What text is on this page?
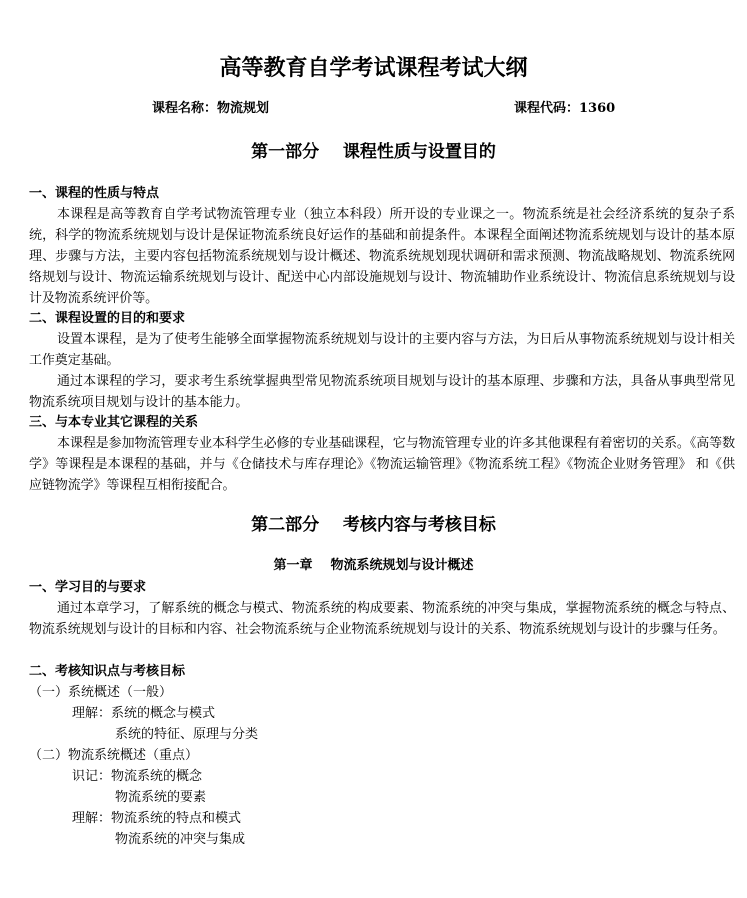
高等教育自学考试课程考试大纲
课程名称：物流规划	课程代码：1360
第一部分    课程性质与设置目的
一、课程的性质与特点
本课程是高等教育自学考试物流管理专业（独立本科段）所开设的专业课之一。物流系统是社会经济系统的复杂子系统，科学的物流系统规划与设计是保证物流系统良好运作的基础和前提条件。本课程全面阐述物流系统规划与设计的基本原理、步骤与方法，主要内容包括物流系统规划与设计概述、物流系统规划现状调研和需求预测、物流战略规划、物流系统网络规划与设计、物流运输系统规划与设计、配送中心内部设施规划与设计、物流辅助作业系统设计、物流信息系统规划与设计及物流系统评价等。
二、课程设置的目的和要求
设置本课程，是为了使考生能够全面掌握物流系统规划与设计的主要内容与方法，为日后从事物流系统规划与设计相关工作奠定基础。
通过本课程的学习，要求考生系统掌握典型常见物流系统项目规划与设计的基本原理、步骤和方法，具备从事典型常见物流系统项目规划与设计的基本能力。
三、与本专业其它课程的关系
本课程是参加物流管理专业本科学生必修的专业基础课程，它与物流管理专业的许多其他课程有着密切的关系。《高等数学》等课程是本课程的基础，并与《仓储技术与库存理论》《物流运输管理》《物流系统工程》《物流企业财务管理》 和《供应链物流学》等课程互相衔接配合。
第二部分    考核内容与考核目标
第一章    物流系统规划与设计概述
一、学习目的与要求
通过本章学习，了解系统的概念与模式、物流系统的构成要素、物流系统的冲突与集成，掌握物流系统的概念与特点、物流系统规划与设计的目标和内容、社会物流系统与企业物流系统规划与设计的关系、物流系统规划与设计的步骤与任务。
二、考核知识点与考核目标
（一）系统概述（一般）
理解：系统的概念与模式
系统的特征、原理与分类
（二）物流系统概述（重点）
识记：物流系统的概念
物流系统的要素
理解：物流系统的特点和模式
物流系统的冲突与集成
